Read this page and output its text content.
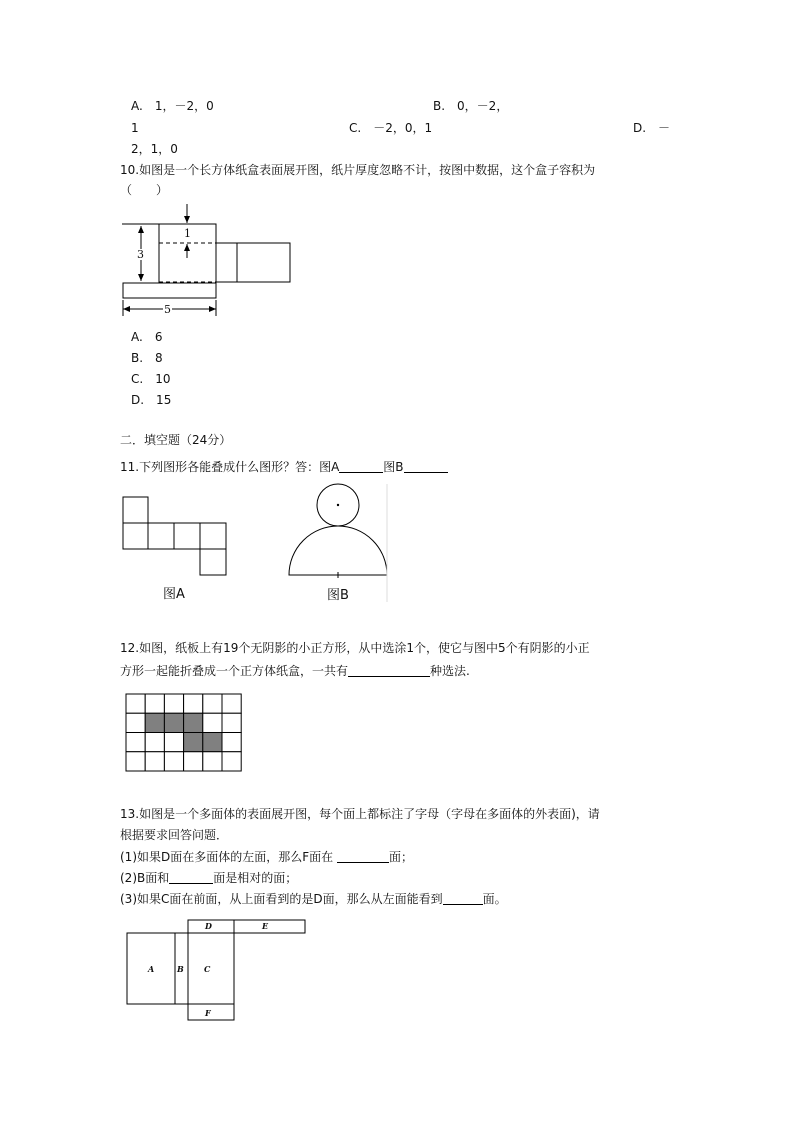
A.　1，－2，0	B.　0，－2，
1	C.　－2，0，1	D.　－
2，1，0
10.如图是一个长方体纸盒表面展开图，纸片厚度忽略不计，按图中数据，这个盒子容积为
（　　）
1
3
5
A.　6
B.　8
C.　10
D.　15
二．填空题（24分）
11.下列图形各能叠成什么图形？答：图A	图B
图A	图B
12.如图，纸板上有19个无阴影的小正方形，从中选涂1个，使它与图中5个有阴影的小正
方形一起能折叠成一个正方体纸盒，一共有	种选法.
13.如图是一个多面体的表面展开图，每个面上都标注了字母（字母在多面体的外表面)，请
根据要求回答问题．
(1)如果D面在多面体的左面，那么F面在	面；
(2)B面和	面是相对的面；
(3)如果C面在前面，从上面看到的是D面，那么从左面能看到	面。
D	E
A	B	C
F
